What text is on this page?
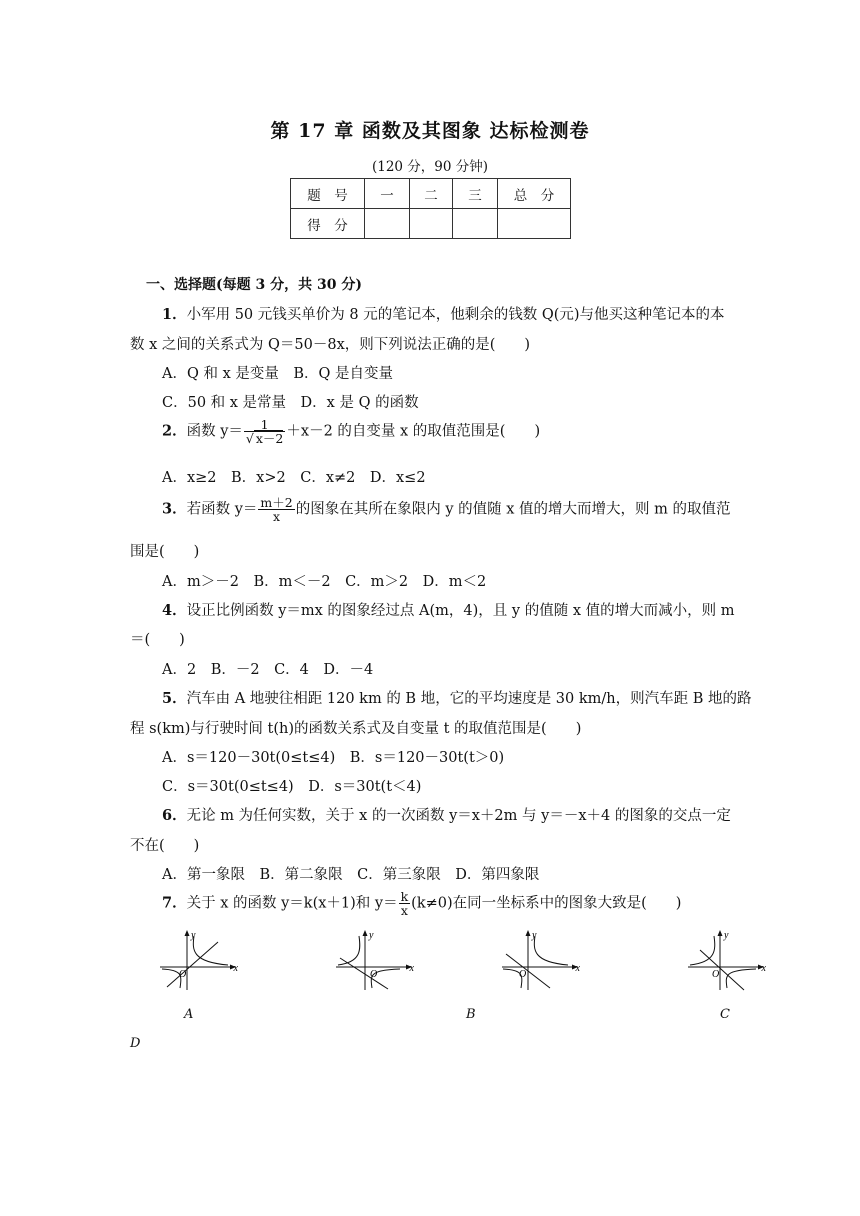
第 17 章 函数及其图象 达标检测卷
(120 分，90 分钟)
题　号	一	二	三	总　分
得　分				
一、选择题(每题 3 分，共 30 分)
1．小军用 50 元钱买单价为 8 元的笔记本，他剩余的钱数 Q(元)与他买这种笔记本的本
数 x 之间的关系式为 Q＝50－8x，则下列说法正确的是(　　)
A．Q 和 x 是变量　B．Q 是自变量
C．50 和 x 是常量　D．x 是 Q 的函数
2．函数 $y= \frac{1}{√ x-2} +x-2$ 的自变量 x 的取值范围是(　　)
A．x≥2　B．x>2　C．x≠2　D．x≤2
3．若函数 $y= \frac{m+2}{x}$ 的图象在其所在象限内 y 的值随 x 值的增大而增大，则 m 的取值范
围是(　　)
A．m＞－2　B．m＜－2　C．m＞2　D．m＜2
4．设正比例函数 y＝mx 的图象经过点 A(m，4)，且 y 的值随 x 值的增大而减小，则 m
＝(　　)
A．2　B．－2　C．4　D．－4
5．汽车由 A 地驶往相距 120 km 的 B 地，它的平均速度是 30 km/h，则汽车距 B 地的路
程 s(km)与行驶时间 t(h)的函数关系式及自变量 t 的取值范围是(　　)
A．s＝120－30t(0≤t≤4)　B．s＝120－30t(t＞0)
C．s＝30t(0≤t≤4)　D．s＝30t(t＜4)
6．无论 m 为任何实数，关于 x 的一次函数 y＝x＋2m 与 y＝－x＋4 的图象的交点一定
不在(　　)
A．第一象限　B．第二象限　C．第三象限　D．第四象限
7．关于 x 的函数 y＝k(x＋1)和 $y= \frac{k}{x} (k\ne 0)$在同一坐标系中的图象大致是(　　)
x
y
O
x
y
O
x
y
O
x
y
O
A	B	C
D
